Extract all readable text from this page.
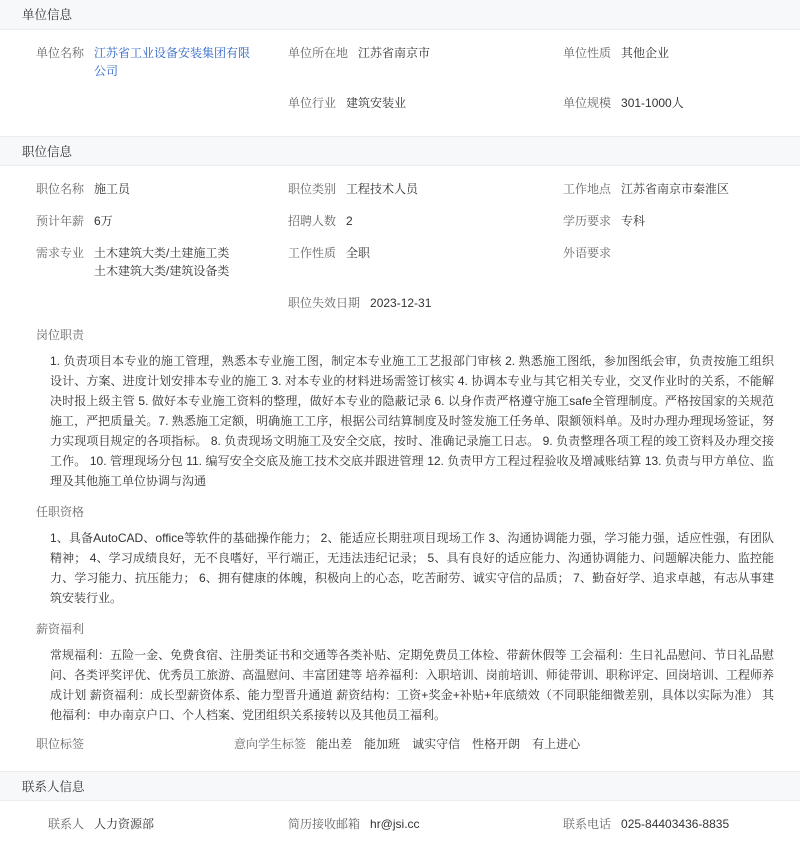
单位信息
单位名称 江苏省工业设备安装集团有限公司
单位所在地 江苏省南京市	单位性质 其他企业
单位行业 建筑安装业	单位规模 301-1000人
职位信息
职位名称 施工员	职位类别 工程技术人员	工作地点 江苏省南京市秦淮区
预计年薪 6万	招聘人数 2	学历要求 专科
需求专业 土木建筑大类/土建施工类 土木建筑大类/建筑设备类
工作性质 全职	外语要求
职位失效日期 2023-12-31
岗位职责
1. 负责项目本专业的施工管理，熟悉本专业施工图，制定本专业施工工艺报部门审核 2. 熟悉施工图纸，参加图纸会审，负责按施工组织设计、方案、进度计划安排本专业的施工 3. 对本专业的材料进场需签订核实 4. 协调本专业与其它相关专业，交叉作业时的关系，不能解决时报上级主管 5. 做好本专业施工资料的整理，做好本专业的隐蔽记录 6. 以身作责严格遵守施工safe全管理制度。严格按国家的关规范施工，严把质量关。7. 熟悉施工定额，明确施工工序，根据公司结算制度及时签发施工任务单、限额领料单。及时办理办理现场签证，努力实现项目规定的各项指标。 8. 负责现场文明施工及安全交底，按时、准确记录施工日志。 9. 负责整理各项工程的竣工资料及办理交接工作。 10. 管理现场分包 11. 编写安全交底及施工技术交底并跟进管理 12. 负责甲方工程过程验收及增减账结算 13. 负责与甲方单位、监理及其他施工单位协调与沟通
任职资格
1、具备AutoCAD、office等软件的基础操作能力； 2、能适应长期驻项目现场工作 3、沟通协调能力强，学习能力强，适应性强，有团队精神； 4、学习成绩良好，无不良嗜好，平行端正，无违法违纪记录； 5、具有良好的适应能力、沟通协调能力、问题解决能力、监控能力、学习能力、抗压能力； 6、拥有健康的体魄，积极向上的心态，吃苦耐劳、诚实守信的品质； 7、勤奋好学、追求卓越，有志从事建筑安装行业。
薪资福利
常规福利：五险一金、免费食宿、注册类证书和交通等各类补贴、定期免费员工体检、带薪休假等 工会福利：生日礼品慰问、节日礼品慰问、各类评奖评优、优秀员工旅游、高温慰问、丰富团建等 培养福利：入职培训、岗前培训、师徒带训、职称评定、回岗培训、工程师养成计划 薪资福利：成长型薪资体系、能力型晋升通道 薪资结构：工资+奖金+补贴+年底绩效（不同职能细微差别，具体以实际为准） 其他福利：申办南京户口、个人档案、党团组织关系接转以及其他员工福利。
职位标签	意向学生标签 能出差 能加班 诚实守信 性格开朗 有上进心
联系人信息
联系人 人力资源部	简历接收邮箱 hr@jsi.cc	联系电话 025-84403436-8835
